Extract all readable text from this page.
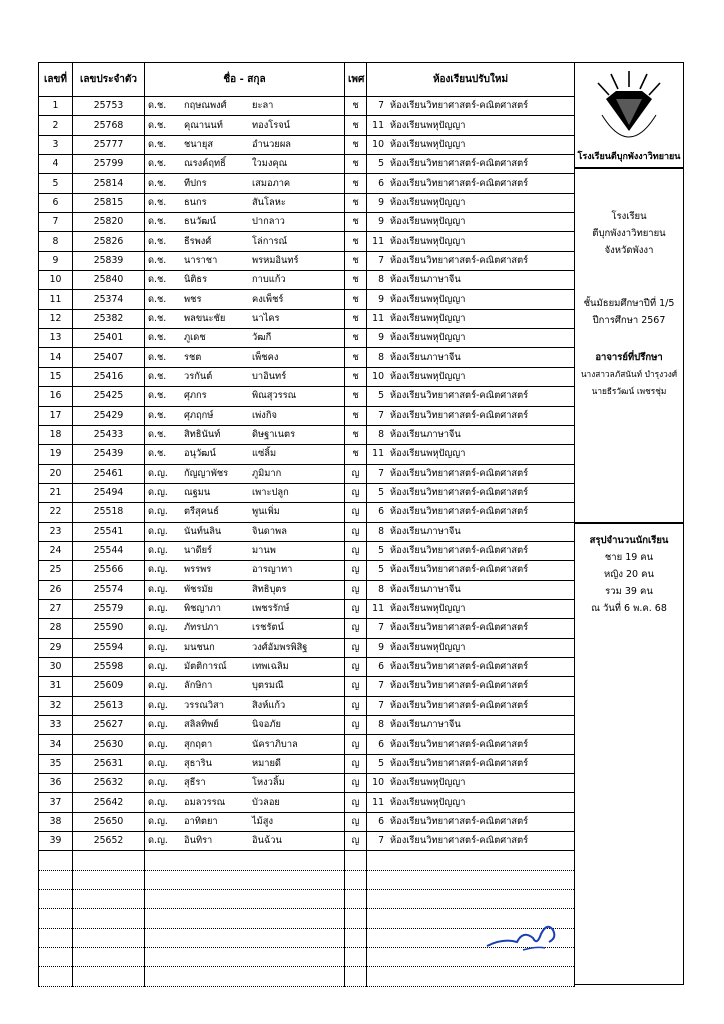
เลขที่	เลขประจำตัว	ชื่อ - สกุล	เพศ	ห้องเรียนปรับใหม่
1	25753	ด.ช. กฤษณพงศ์ ยะลา	ช	7 ห้องเรียนวิทยาศาสตร์-คณิตศาสตร์
2	25768	ด.ช. คุณานนท์ ทองโรจน์	ช	11 ห้องเรียนพหุปัญญา
3	25777	ด.ช. ชนายุส อำนวยผล	ช	10 ห้องเรียนพหุปัญญา
4	25799	ด.ช. ณรงค์ฤทธิ์ ใวมงคุณ	ช	5 ห้องเรียนวิทยาศาสตร์-คณิตศาสตร์
5	25814	ด.ช. ทีปกร เสมอภาค	ช	6 ห้องเรียนวิทยาศาสตร์-คณิตศาสตร์
6	25815	ด.ช. ธนกร สันโลหะ	ช	9 ห้องเรียนพหุปัญญา
7	25820	ด.ช. ธนวัฒน์ ปากลาว	ช	9 ห้องเรียนพหุปัญญา
8	25826	ด.ช. ธีรพงศ์ โล่การณ์	ช	11 ห้องเรียนพหุปัญญา
9	25839	ด.ช. นาราชา พรหมอินทร์	ช	7 ห้องเรียนวิทยาศาสตร์-คณิตศาสตร์
10	25840	ด.ช. นิติธร กาบแก้ว	ช	8 ห้องเรียนภาษาจีน
11	25374	ด.ช. พชร คงเพ็ชร์	ช	9 ห้องเรียนพหุปัญญา
12	25382	ด.ช. พลขนะชัย นาไคร	ช	11 ห้องเรียนพหุปัญญา
13	25401	ด.ช. ภูเดช วัฒกี	ช	9 ห้องเรียนพหุปัญญา
14	25407	ด.ช. รชต เพ็ชคง	ช	8 ห้องเรียนภาษาจีน
15	25416	ด.ช. วรกันต์ บาอินทร์	ช	10 ห้องเรียนพหุปัญญา
16	25425	ด.ช. ศุภกร พิณสุวรรณ	ช	5 ห้องเรียนวิทยาศาสตร์-คณิตศาสตร์
17	25429	ด.ช. ศุภฤกษ์ เพ่งกิจ	ช	7 ห้องเรียนวิทยาศาสตร์-คณิตศาสตร์
18	25433	ด.ช. สิทธินันท์ ดิษฐาเนตร	ช	8 ห้องเรียนภาษาจีน
19	25439	ด.ช. อนุวัฒน์ แซ่ลิ้ม	ช	11 ห้องเรียนพหุปัญญา
20	25461	ด.ญ. กัญญาพัชร ภูมิมาก	ญ	7 ห้องเรียนวิทยาศาสตร์-คณิตศาสตร์
21	25494	ด.ญ. ณฐมน เพาะปลูก	ญ	5 ห้องเรียนวิทยาศาสตร์-คณิตศาสตร์
22	25518	ด.ญ. ตรีสุคนธ์ พูนเพิ่ม	ญ	6 ห้องเรียนวิทยาศาสตร์-คณิตศาสตร์
23	25541	ด.ญ. นันท์นลิน จินดาพล	ญ	8 ห้องเรียนภาษาจีน
24	25544	ด.ญ. นาดียร์ มานพ	ญ	5 ห้องเรียนวิทยาศาสตร์-คณิตศาสตร์
25	25566	ด.ญ. พรรพร อารญาทา	ญ	5 ห้องเรียนวิทยาศาสตร์-คณิตศาสตร์
26	25574	ด.ญ. พัชรมัย สิทธิบุตร	ญ	8 ห้องเรียนภาษาจีน
27	25579	ด.ญ. พิชญาภา เพชรรักษ์	ญ	11 ห้องเรียนพหุปัญญา
28	25590	ด.ญ. ภัทรปภา เรชรัตน์	ญ	7 ห้องเรียนวิทยาศาสตร์-คณิตศาสตร์
29	25594	ด.ญ. มนชนก วงศ์อัมพรพิสิฐ	ญ	9 ห้องเรียนพหุปัญญา
30	25598	ด.ญ. มัตติการณ์ เทพเฉลิม	ญ	6 ห้องเรียนวิทยาศาสตร์-คณิตศาสตร์
31	25609	ด.ญ. ลักษิกา บุตรมณี	ญ	7 ห้องเรียนวิทยาศาสตร์-คณิตศาสตร์
32	25613	ด.ญ. วรรณวิสา สิงห์แก้ว	ญ	7 ห้องเรียนวิทยาศาสตร์-คณิตศาสตร์
33	25627	ด.ญ. สลิลทิพย์ นิจอภัย	ญ	8 ห้องเรียนภาษาจีน
34	25630	ด.ญ. สุกฤตา นัคราภิบาล	ญ	6 ห้องเรียนวิทยาศาสตร์-คณิตศาสตร์
35	25631	ด.ญ. สุธาริน หมายดี	ญ	5 ห้องเรียนวิทยาศาสตร์-คณิตศาสตร์
36	25632	ด.ญ. สุธีรา โหงวลิ้ม	ญ	10 ห้องเรียนพหุปัญญา
37	25642	ด.ญ. อมลวรรณ บัวลอย	ญ	11 ห้องเรียนพหุปัญญา
38	25650	ด.ญ. อาทิตยา ไม้สูง	ญ	6 ห้องเรียนวิทยาศาสตร์-คณิตศาสตร์
39	25652	ด.ญ. อินทิรา อินฉ้วน	ญ	7 ห้องเรียนวิทยาศาสตร์-คณิตศาสตร์

โรงเรียนตีบุกพังงาวิทยายน

โรงเรียน

ตีบุกพังงาวิทยายน

จังหวัดพังงา

ชั้นมัธยมศึกษาปีที่ 1/5

ปีการศึกษา 2567

อาจารย์ที่ปรึกษา

นางสาวลภัสนันท์ บำรุงวงศ์

นายธีรวัฒน์ เพชรชุ่ม

สรุปจำนวนนักเรียน

ชาย 19 คน

หญิง 20 คน

รวม 39 คน

ณ วันที่ 6 พ.ค. 68
